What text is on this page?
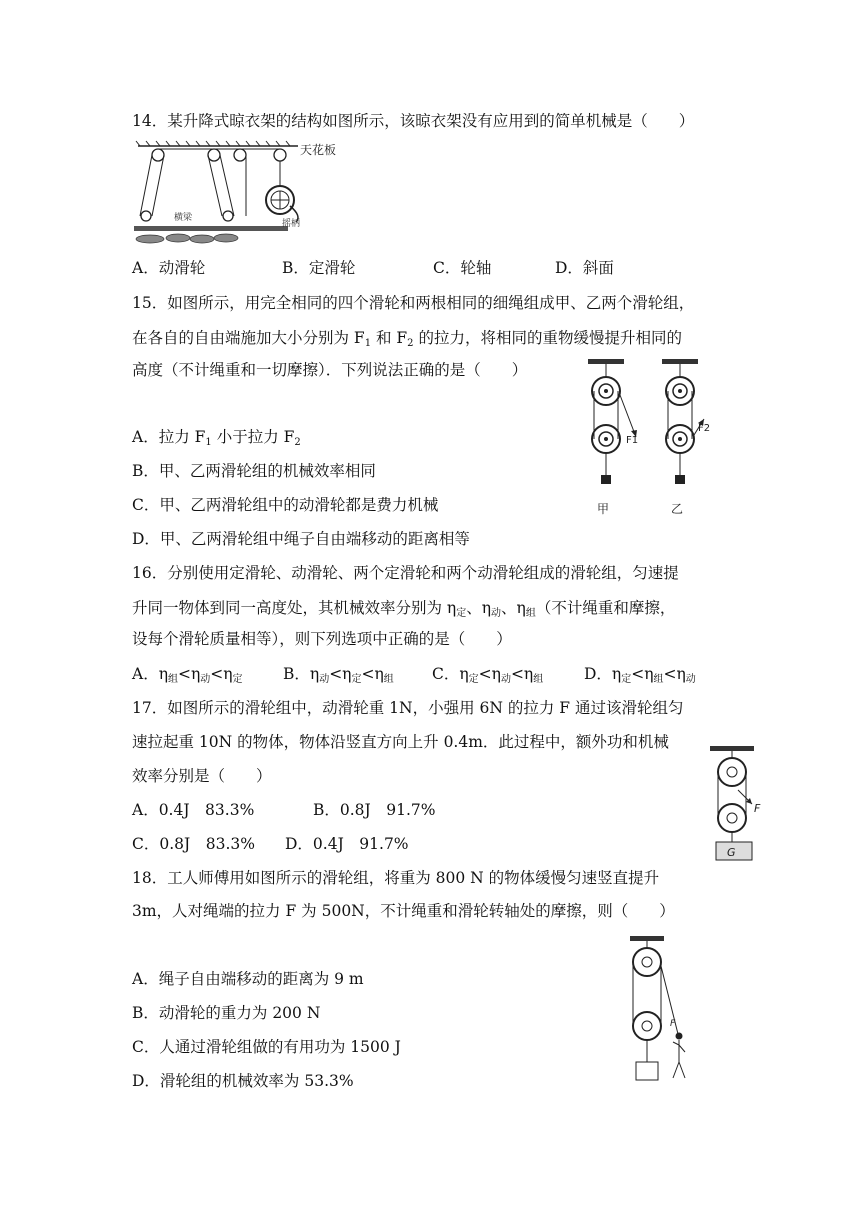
14．某升降式晾衣架的结构如图所示，该晾衣架没有应用到的简单机械是（　　）
天花板
横梁
摇柄
A．动滑轮	B．定滑轮	C．轮轴	D．斜面
15．如图所示，用完全相同的四个滑轮和两根相同的细绳组成甲、乙两个滑轮组，
在各自的自由端施加大小分别为 $F_1$ 和 $F_2$ 的拉力，将相同的重物缓慢提升相同的
高度（不计绳重和一切摩擦）．下列说法正确的是（　　）
F1
甲
F2
乙
A．拉力 $F_1$ 小于拉力 $F_2$
B．甲、乙两滑轮组的机械效率相同
C．甲、乙两滑轮组中的动滑轮都是费力机械
D．甲、乙两滑轮组中绳子自由端移动的距离相等
16．分别使用定滑轮、动滑轮、两个定滑轮和两个动滑轮组成的滑轮组，匀速提
升同一物体到同一高度处，其机械效率分别为 $\eta_定$、$\eta_动$、$\eta_组$（不计绳重和摩擦，
设每个滑轮质量相等），则下列选项中正确的是（　　）
A．$\eta_组<\eta_动<\eta_定$	B．$\eta_动<\eta_定<\eta_组$ C．$\eta_定<\eta_动<\eta_组$	D．$\eta_定<\eta_组<\eta_动$
17．如图所示的滑轮组中，动滑轮重 1N，小强用 6N 的拉力 F 通过该滑轮组匀
速拉起重 10N 的物体，物体沿竖直方向上升 0.4m．此过程中，额外功和机械
效率分别是（　　）
F
G
A．0.4J　83.3%	B．0.8J　91.7%
C．0.8J　83.3% D．0.4J　91.7%
18．工人师傅用如图所示的滑轮组，将重为 800 N 的物体缓慢匀速竖直提升
3m，人对绳端的拉力 F 为 500N，不计绳重和滑轮转轴处的摩擦，则（　　）
F
A．绳子自由端移动的距离为 9 m
B．动滑轮的重力为 200 N
C．人通过滑轮组做的有用功为 1500 J
D．滑轮组的机械效率为 53.3%
